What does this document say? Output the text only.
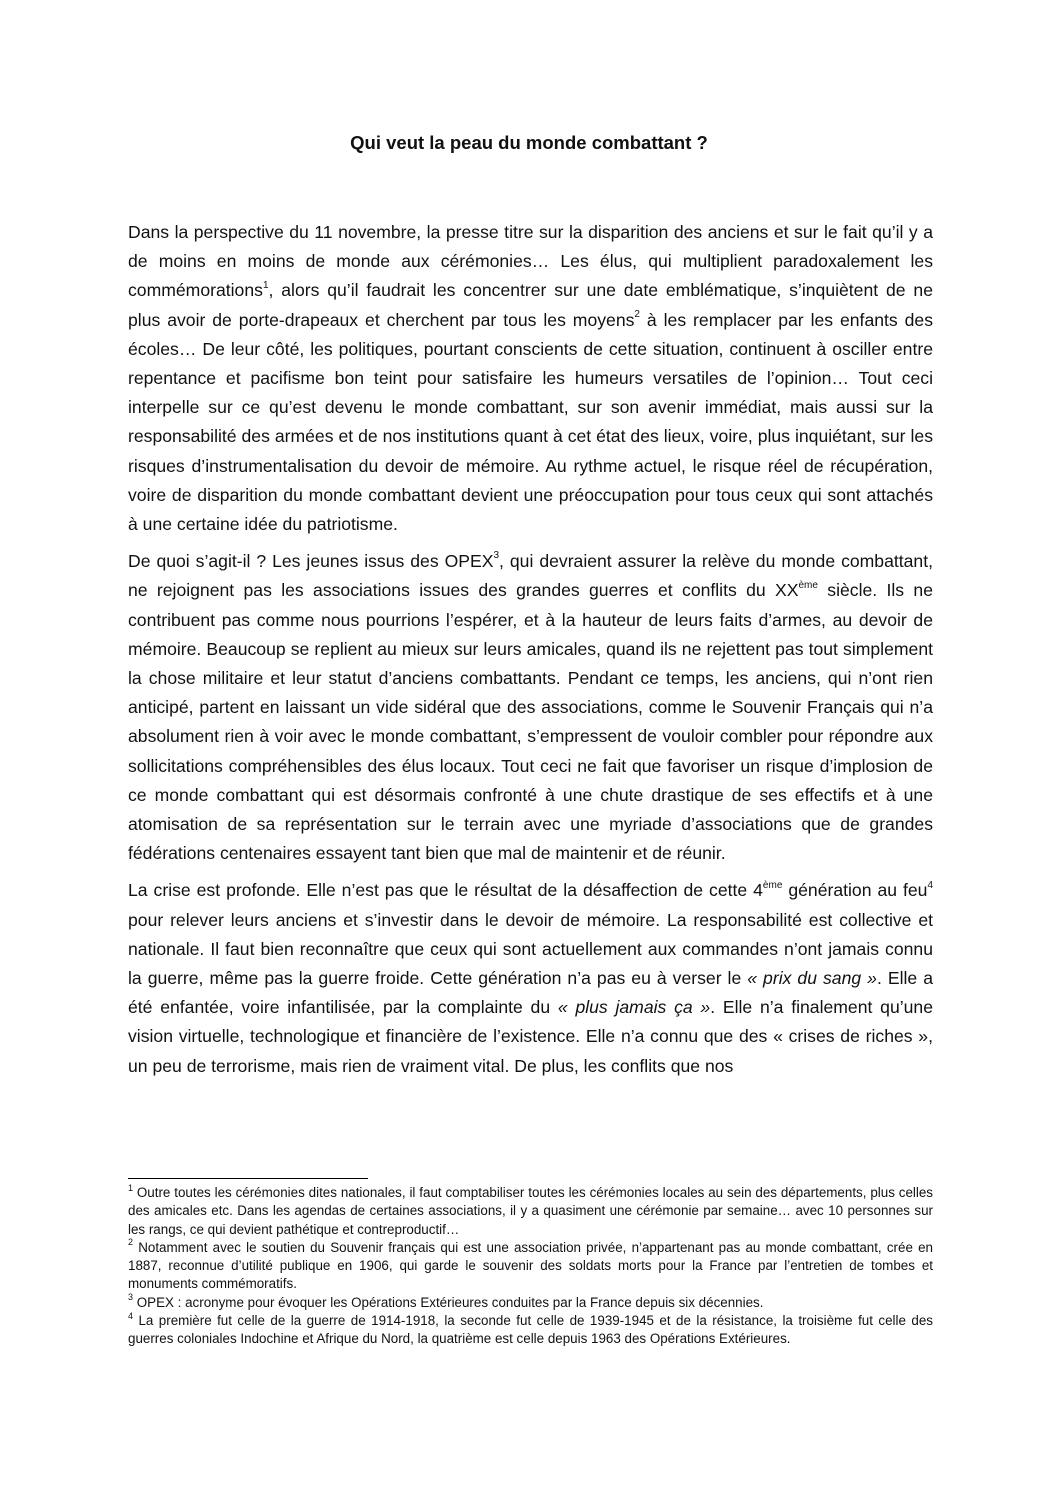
Qui veut la peau du monde combattant ?

Dans la perspective du 11 novembre, la presse titre sur la disparition des anciens et sur le fait qu’il y a de moins en moins de monde aux cérémonies… Les élus, qui multiplient paradoxalement les commémorations$^1$, alors qu’il faudrait les concentrer sur une date emblématique, s’inquiètent de ne plus avoir de porte-drapeaux et cherchent par tous les moyens$^2$ à les remplacer par les enfants des écoles… De leur côté, les politiques, pourtant conscients de cette situation, continuent à osciller entre repentance et pacifisme bon teint pour satisfaire les humeurs versatiles de l’opinion… Tout ceci interpelle sur ce qu’est devenu le monde combattant, sur son avenir immédiat, mais aussi sur la responsabilité des armées et de nos institutions quant à cet état des lieux, voire, plus inquiétant, sur les risques d’instrumentalisation du devoir de mémoire. Au rythme actuel, le risque réel de récupération, voire de disparition du monde combattant devient une préoccupation pour tous ceux qui sont attachés à une certaine idée du patriotisme.

De quoi s’agit-il ? Les jeunes issus des OPEX$^3$, qui devraient assurer la relève du monde combattant, ne rejoignent pas les associations issues des grandes guerres et conflits du XXème siècle. Ils ne contribuent pas comme nous pourrions l’espérer, et à la hauteur de leurs faits d’armes, au devoir de mémoire. Beaucoup se replient au mieux sur leurs amicales, quand ils ne rejettent pas tout simplement la chose militaire et leur statut d’anciens combattants. Pendant ce temps, les anciens, qui n’ont rien anticipé, partent en laissant un vide sidéral que des associations, comme le Souvenir Français qui n’a absolument rien à voir avec le monde combattant, s’empressent de vouloir combler pour répondre aux sollicitations compréhensibles des élus locaux. Tout ceci ne fait que favoriser un risque d’implosion de ce monde combattant qui est désormais confronté à une chute drastique de ses effectifs et à une atomisation de sa représentation sur le terrain avec une myriade d’associations que de grandes fédérations centenaires essayent tant bien que mal de maintenir et de réunir.

La crise est profonde. Elle n’est pas que le résultat de la désaffection de cette 4ème génération au feu$^4$ pour relever leurs anciens et s’investir dans le devoir de mémoire. La responsabilité est collective et nationale. Il faut bien reconnaître que ceux qui sont actuellement aux commandes n’ont jamais connu la guerre, même pas la guerre froide. Cette génération n’a pas eu à verser le « prix du sang ». Elle a été enfantée, voire infantilisée, par la complainte du « plus jamais ça ». Elle n’a finalement qu’une vision virtuelle, technologique et financière de l’existence. Elle n’a connu que des « crises de riches », un peu de terrorisme, mais rien de vraiment vital. De plus, les conflits que nos

$^1$ Outre toutes les cérémonies dites nationales, il faut comptabiliser toutes les cérémonies locales au sein des départements, plus celles des amicales etc. Dans les agendas de certaines associations, il y a quasiment une cérémonie par semaine… avec 10 personnes sur les rangs, ce qui devient pathétique et contreproductif…

$^2$ Notamment avec le soutien du Souvenir français qui est une association privée, n’appartenant pas au monde combattant, crée en 1887, reconnue d’utilité publique en 1906, qui garde le souvenir des soldats morts pour la France par l’entretien de tombes et monuments commémoratifs.

$^3$ OPEX : acronyme pour évoquer les Opérations Extérieures conduites par la France depuis six décennies.

$^4$ La première fut celle de la guerre de 1914-1918, la seconde fut celle de 1939-1945 et de la résistance, la troisième fut celle des guerres coloniales Indochine et Afrique du Nord, la quatrième est celle depuis 1963 des Opérations Extérieures.
